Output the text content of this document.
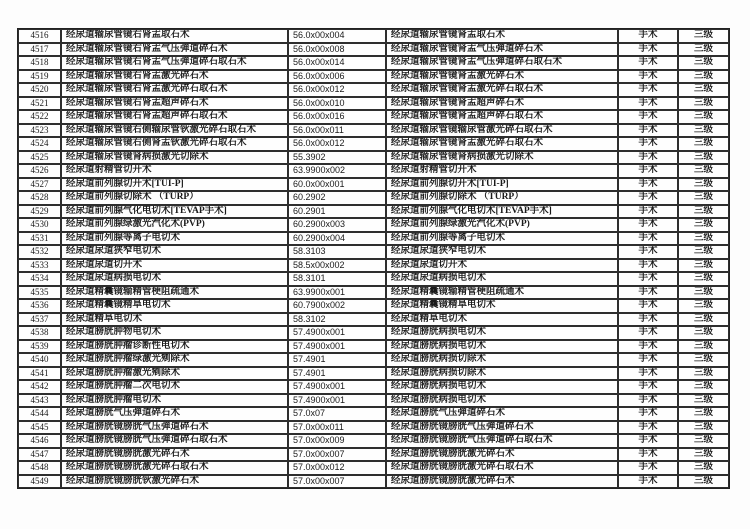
4516	经尿道输尿管镜右肾盂取石术	56.0x00x004	经尿道输尿管镜肾盂取石术	手术	三级
4517	经尿道输尿管镜右肾盂气压弹道碎石术	56.0x00x008	经尿道输尿管镜肾盂气压弹道碎石术	手术	三级
4518	经尿道输尿管镜右肾盂气压弹道碎石取石术	56.0x00x014	经尿道输尿管镜肾盂气压弹道碎石取石术	手术	三级
4519	经尿道输尿管镜右肾盂激光碎石术	56.0x00x006	经尿道输尿管镜肾盂激光碎石术	手术	三级
4520	经尿道输尿管镜右肾盂激光碎石取石术	56.0x00x012	经尿道输尿管镜肾盂激光碎石取石术	手术	三级
4521	经尿道输尿管镜右肾盂超声碎石术	56.0x00x010	经尿道输尿管镜肾盂超声碎石术	手术	三级
4522	经尿道输尿管镜右肾盂超声碎石取石术	56.0x00x016	经尿道输尿管镜肾盂超声碎石取石术	手术	三级
4523	经尿道输尿管镜右侧输尿管钬激光碎石取石术	56.0x00x011	经尿道输尿管镜输尿管激光碎石取石术	手术	三级
4524	经尿道输尿管镜右侧肾盂钬激光碎石取石术	56.0x00x012	经尿道输尿管镜肾盂激光碎石取石术	手术	三级
4525	经尿道输尿管镜肾病损激光切除术	55.3902	经尿道输尿管镜肾病损激光切除术	手术	三级
4526	经尿道射精管切开术	63.9900x002	经尿道射精管切开术	手术	三级
4527	经尿道前列腺切开术[TUI-P]	60.0x00x001	经尿道前列腺切开术[TUI-P]	手术	三级
4528	经尿道前列腺切除术 （TURP）	60.2902	经尿道前列腺切除术 （TURP）	手术	三级
4529	经尿道前列腺气化电切术[TEVAP手术]	60.2901	经尿道前列腺气化电切术[TEVAP手术]	手术	三级
4530	经尿道前列腺绿激光汽化术(PVP)	60.2900x003	经尿道前列腺绿激光汽化术(PVP)	手术	三级
4531	经尿道前列腺等离子电切术	60.2900x004	经尿道前列腺等离子电切术	手术	三级
4532	经尿道尿道狭窄电切术	58.3103	经尿道尿道狭窄电切术	手术	三级
4533	经尿道尿道切开术	58.5x00x002	经尿道尿道切开术	手术	三级
4534	经尿道尿道病损电切术	58.3101	经尿道尿道病损电切术	手术	三级
4535	经尿道精囊镜输精管梗阻疏通术	63.9900x001	经尿道精囊镜输精管梗阻疏通术	手术	三级
4536	经尿道精囊镜精阜电切术	60.7900x002	经尿道精囊镜精阜电切术	手术	三级
4537	经尿道精阜电切术	58.3102	经尿道精阜电切术	手术	三级
4538	经尿道膀胱肿物电切术	57.4900x001	经尿道膀胱病损电切术	手术	三级
4539	经尿道膀胱肿瘤诊断性电切术	57.4900x001	经尿道膀胱病损电切术	手术	三级
4540	经尿道膀胱肿瘤绿激光剜除术	57.4901	经尿道膀胱病损切除术	手术	三级
4541	经尿道膀胱肿瘤激光剜除术	57.4901	经尿道膀胱病损切除术	手术	三级
4542	经尿道膀胱肿瘤二次电切术	57.4900x001	经尿道膀胱病损电切术	手术	三级
4543	经尿道膀胱肿瘤电切术	57.4900x001	经尿道膀胱病损电切术	手术	三级
4544	经尿道膀胱气压弹道碎石术	57.0x07	经尿道膀胱气压弹道碎石术	手术	三级
4545	经尿道膀胱镜膀胱气压弹道碎石术	57.0x00x011	经尿道膀胱镜膀胱气压弹道碎石术	手术	三级
4546	经尿道膀胱镜膀胱气压弹道碎石取石术	57.0x00x009	经尿道膀胱镜膀胱气压弹道碎石取石术	手术	三级
4547	经尿道膀胱镜膀胱激光碎石术	57.0x00x007	经尿道膀胱镜膀胱激光碎石术	手术	三级
4548	经尿道膀胱镜膀胱激光碎石取石术	57.0x00x012	经尿道膀胱镜膀胱激光碎石取石术	手术	三级
4549	经尿道膀胱镜膀胱钬激光碎石术	57.0x00x007	经尿道膀胱镜膀胱激光碎石术	手术	三级
